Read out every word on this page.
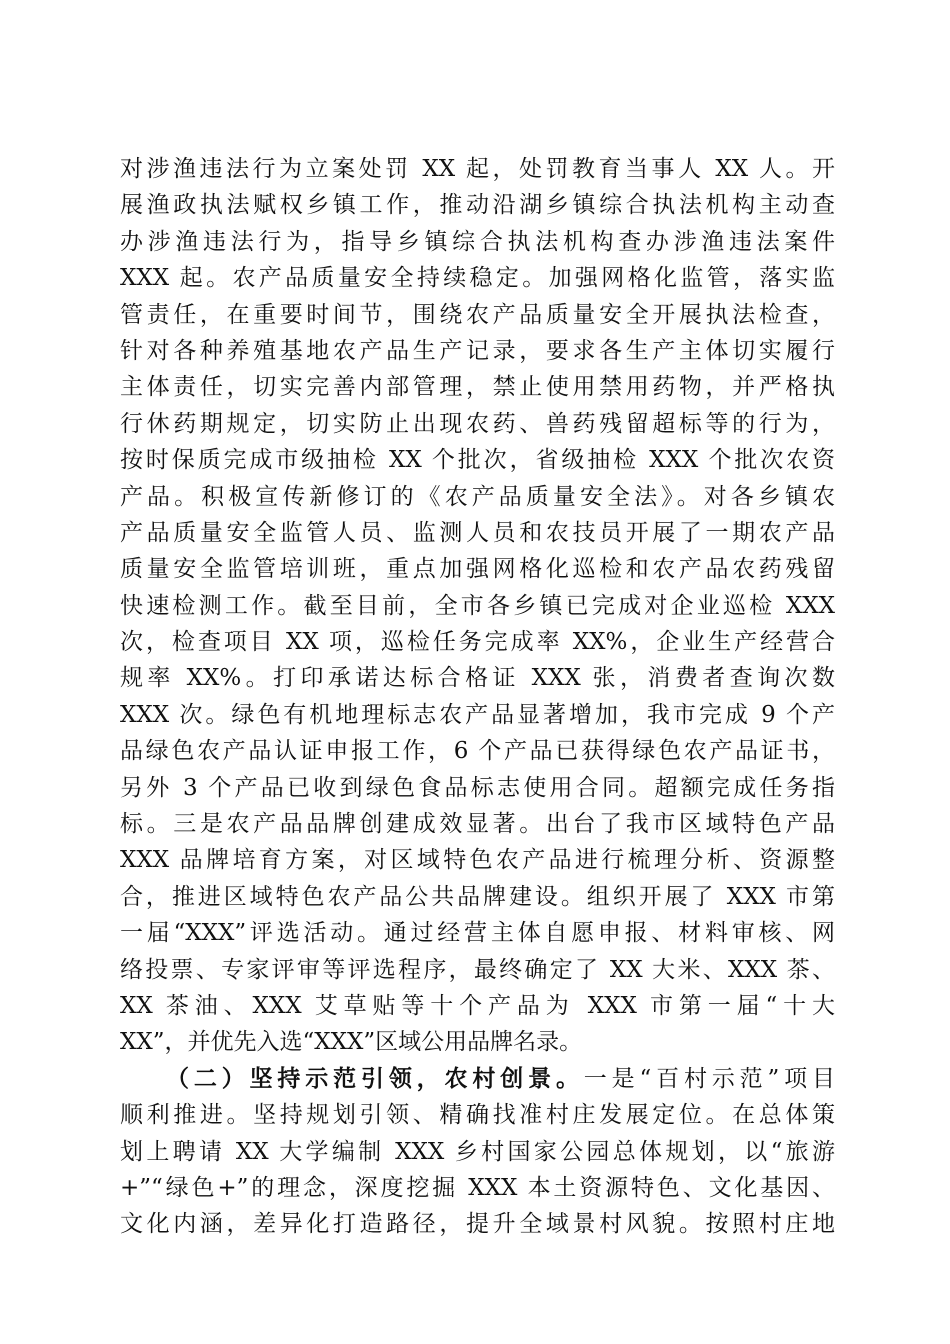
对涉渔违法行为立案处罚 XX 起，处罚教育当事人 XX 人。开
展渔政执法赋权乡镇工作，推动沿湖乡镇综合执法机构主动查
办涉渔违法行为，指导乡镇综合执法机构查办涉渔违法案件
XXX 起。农产品质量安全持续稳定。加强网格化监管，落实监
管责任，在重要时间节，围绕农产品质量安全开展执法检查，
针对各种养殖基地农产品生产记录，要求各生产主体切实履行
主体责任，切实完善内部管理，禁止使用禁用药物，并严格执
行休药期规定，切实防止出现农药、兽药残留超标等的行为，
按时保质完成市级抽检 XX 个批次，省级抽检 XXX 个批次农资
产品。积极宣传新修订的《农产品质量安全法》。对各乡镇农
产品质量安全监管人员、监测人员和农技员开展了一期农产品
质量安全监管培训班，重点加强网格化巡检和农产品农药残留
快速检测工作。截至目前，全市各乡镇已完成对企业巡检 XXX
次，检查项目 XX 项，巡检任务完成率 XX%，企业生产经营合
规率 XX%。打印承诺达标合格证 XXX 张，消费者查询次数
XXX 次。绿色有机地理标志农产品显著增加，我市完成 9 个产
品绿色农产品认证申报工作，6 个产品已获得绿色农产品证书，
另外 3 个产品已收到绿色食品标志使用合同。超额完成任务指
标。三是农产品品牌创建成效显著。出台了我市区域特色产品
XXX 品牌培育方案，对区域特色农产品进行梳理分析、资源整
合，推进区域特色农产品公共品牌建设。组织开展了 XXX 市第
一届“XXX”评选活动。通过经营主体自愿申报、材料审核、网
络投票、专家评审等评选程序，最终确定了 XX 大米、XXX 茶、
XX 茶油、XXX 艾草贴等十个产品为 XXX 市第一届“十大
XX”，并优先入选“XXX”区域公用品牌名录。
（二）坚持示范引领，农村创景。一是“百村示范”项目
顺利推进。坚持规划引领、精确找准村庄发展定位。在总体策
划上聘请 XX 大学编制 XXX 乡村国家公园总体规划，以“旅游
+”“绿色+”的理念，深度挖掘 XXX 本土资源特色、文化基因、
文化内涵，差异化打造路径，提升全域景村风貌。按照村庄地
